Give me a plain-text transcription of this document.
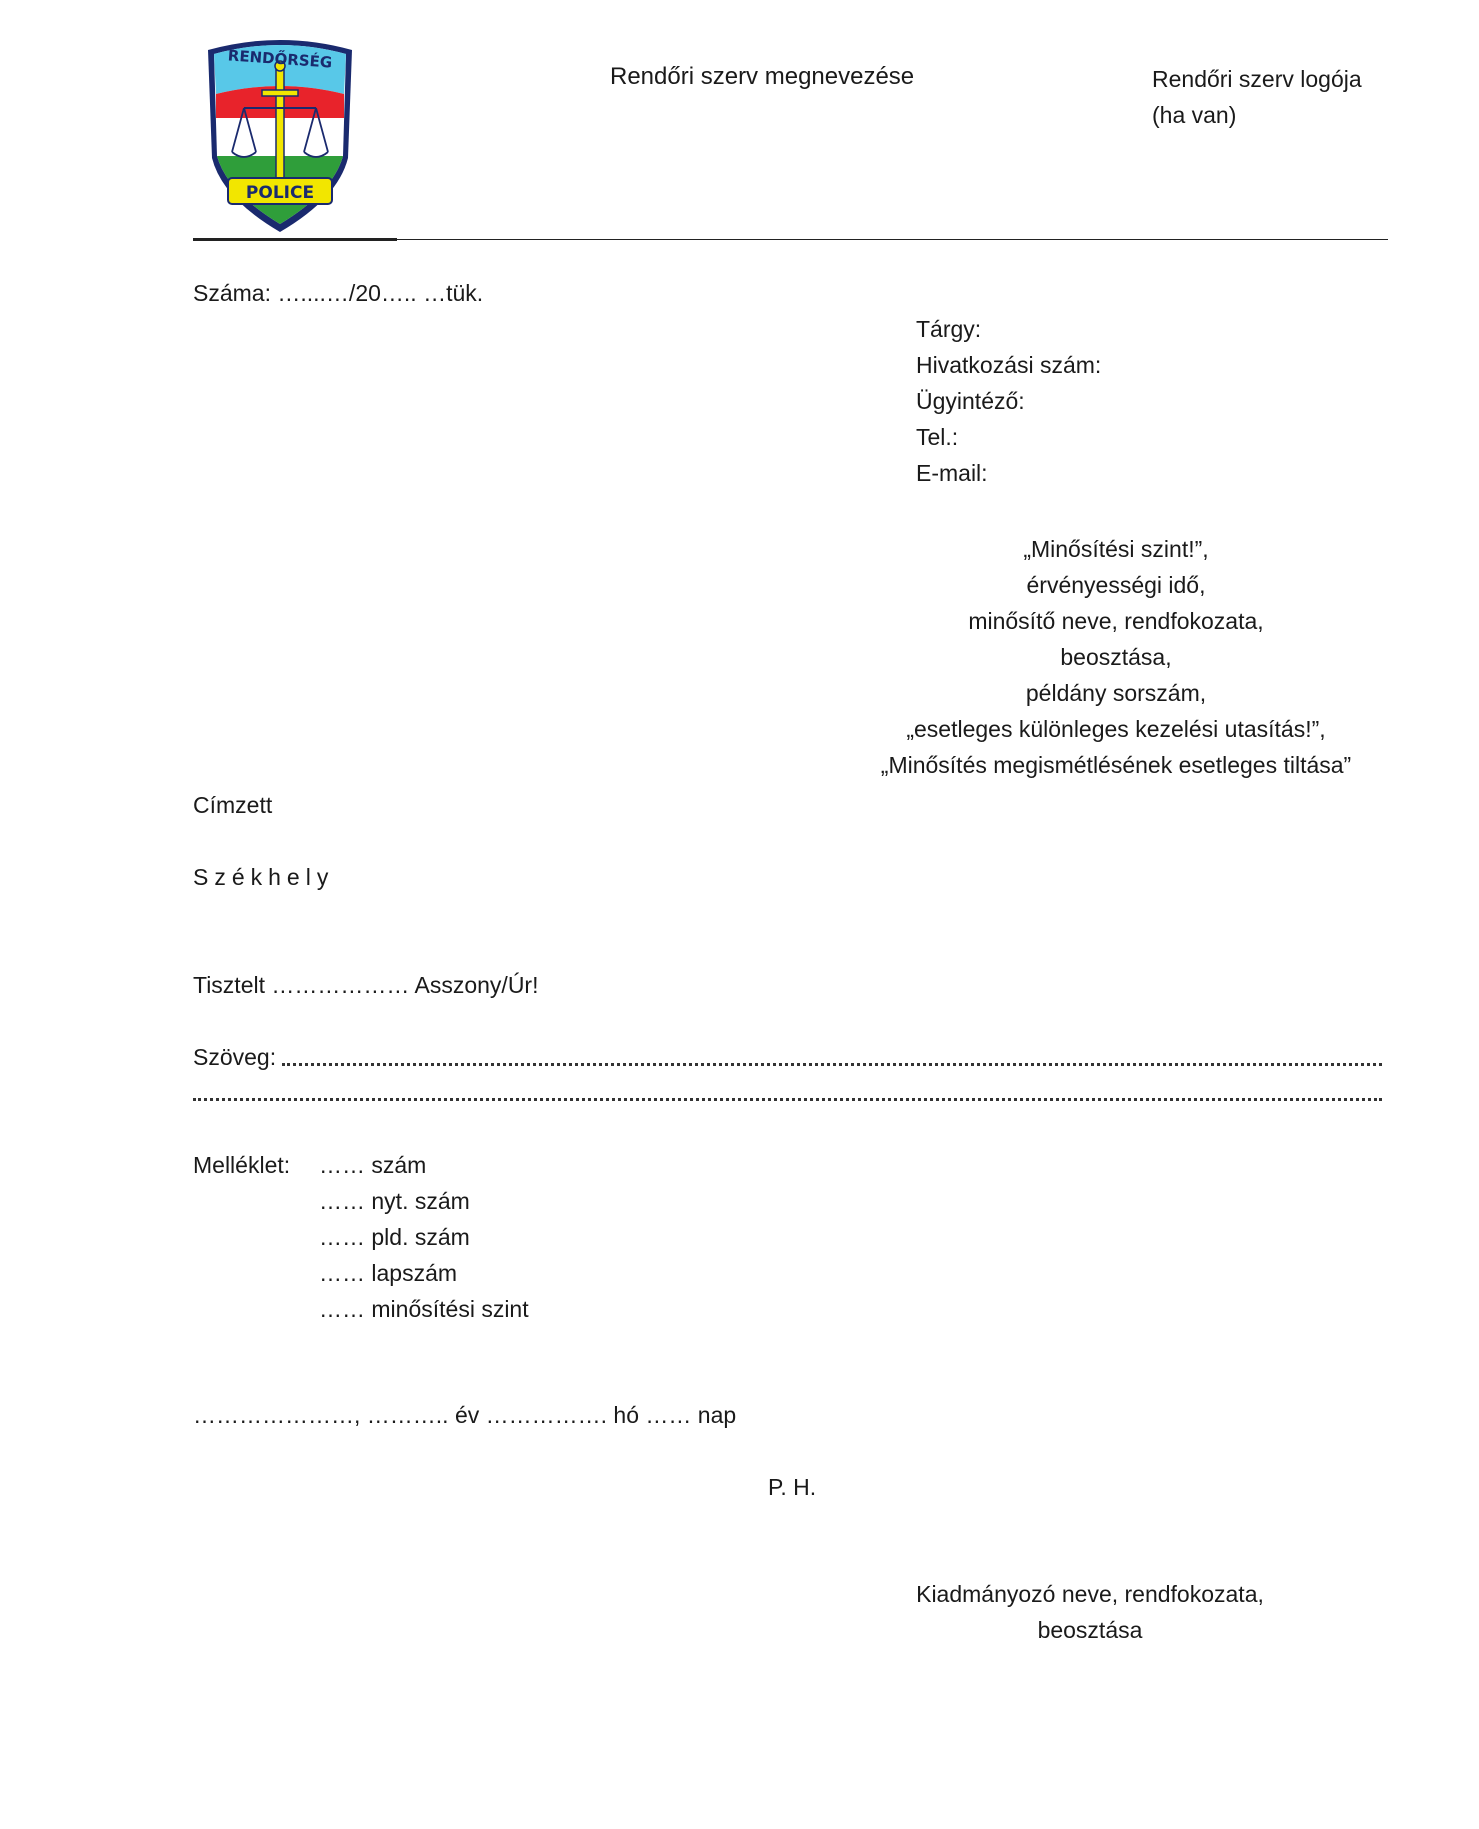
RENDŐRSÉG
POLICE
Rendőri szerv megnevezése	Rendőri szerv logója
(ha van)
Száma: …....…/20….. …tük.
Tárgy:
Hivatkozási szám:
Ügyintéző:
Tel.:
E-mail:
„Minősítési szint!”,
érvényességi idő,
minősítő neve, rendfokozata,
beosztása,
példány sorszám,
„esetleges különleges kezelési utasítás!”,
„Minősítés megismétlésének esetleges tiltása”
Címzett
Székhely
Tisztelt ……………… Asszony/Úr!
Szöveg:
Melléklet: …… szám
…… nyt. szám
…… pld. szám
…… lapszám
…… minősítési szint
…………………, ……….. év ……………. hó …… nap
P. H.
Kiadmányozó neve, rendfokozata,
beosztása
